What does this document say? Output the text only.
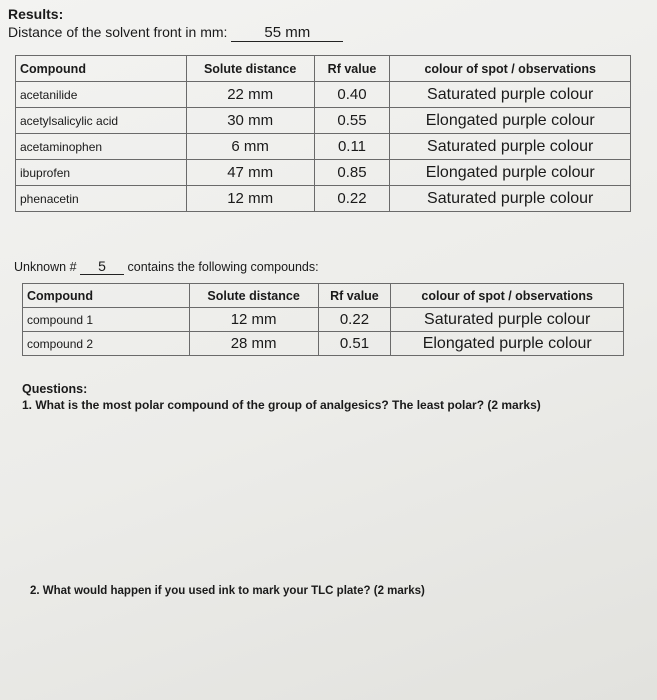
Results:
Distance of the solvent front in mm: 55 mm
Compound	Solute distance	Rf value	colour of spot / observations
acetanilide	22 mm	0.40	Saturated purple colour
acetylsalicylic acid	30 mm	0.55	Elongated purple colour
acetaminophen	6 mm	0.11	Saturated purple colour
ibuprofen	47 mm	0.85	Elongated purple colour
phenacetin	12 mm	0.22	Saturated purple colour
Unknown # 5 contains the following compounds:
Compound	Solute distance	Rf value	colour of spot / observations
compound 1	12 mm	0.22	Saturated purple colour
compound 2	28 mm	0.51	Elongated purple colour
Questions:
1. What is the most polar compound of the group of analgesics? The least polar? (2 marks)
2. What would happen if you used ink to mark your TLC plate? (2 marks)
